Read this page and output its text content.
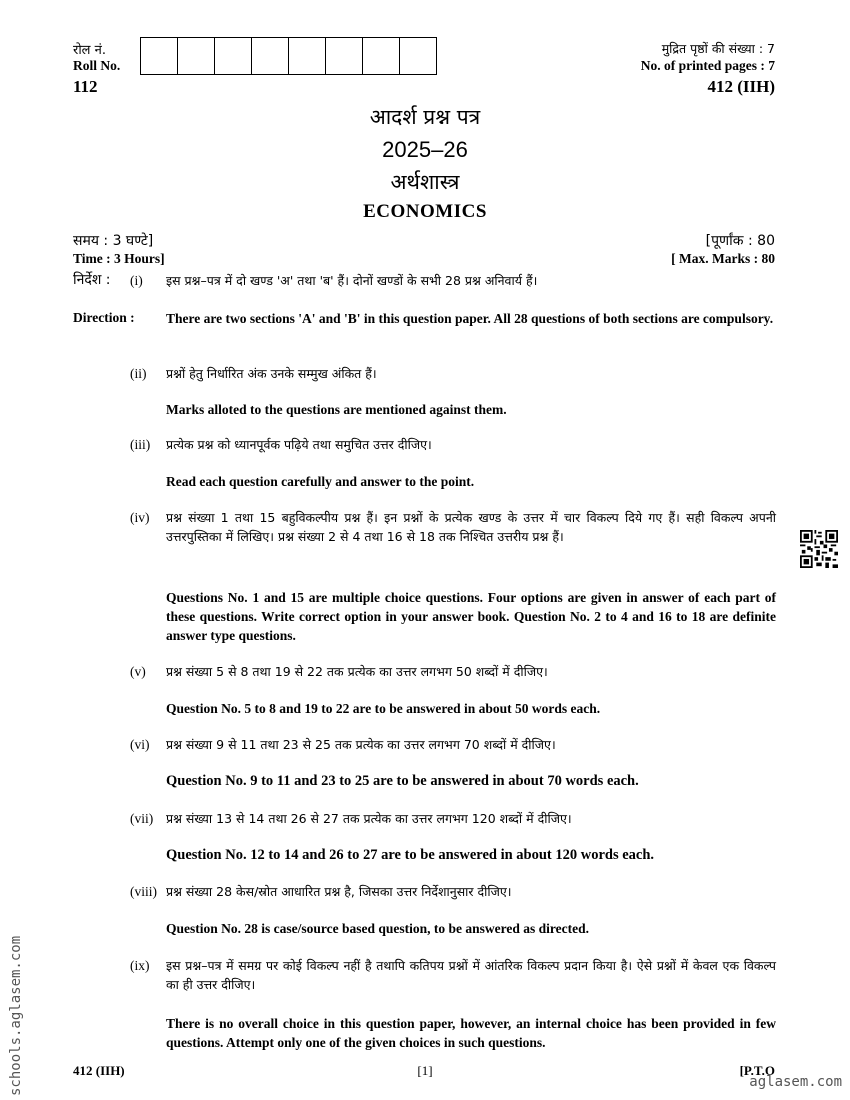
रोल नं.
Roll No.
112
मुद्रित पृष्ठों की संख्या : 7
No. of printed pages : 7
412 (IIH)
आदर्श प्रश्न पत्र
2025–26
अर्थशास्त्र
ECONOMICS
समय : 3 घण्टे]
Time : 3 Hours]
[पूर्णांक : 80
[ Max. Marks : 80
निर्देश :
Direction :
(i) इस प्रश्न–पत्र में दो खण्ड 'अ' तथा 'ब' हैं। दोनों खण्डों के सभी 28 प्रश्न अनिवार्य हैं।
There are two sections 'A' and 'B' in this question paper. All 28 questions of both sections are compulsory.
(ii) प्रश्नों हेतु निर्धारित अंक उनके सम्मुख अंकित हैं।
Marks alloted to the questions are mentioned against them.
(iii) प्रत्येक प्रश्न को ध्यानपूर्वक पढ़िये तथा समुचित उत्तर दीजिए।
Read each question carefully and answer to the point.
(iv) प्रश्न संख्या 1 तथा 15 बहुविकल्पीय प्रश्न हैं। इन प्रश्नों के प्रत्येक खण्ड के उत्तर में चार विकल्प दिये गए हैं। सही विकल्प अपनी उत्तरपुस्तिका में लिखिए। प्रश्न संख्या 2 से 4 तथा 16 से 18 तक निश्चित उत्तरीय प्रश्न हैं।
Questions No. 1 and 15 are multiple choice questions. Four options are given in answer of each part of these questions. Write correct option in your answer book. Question No. 2 to 4 and 16 to 18 are definite answer type questions.
(v) प्रश्न संख्या 5 से 8 तथा 19 से 22 तक प्रत्येक का उत्तर लगभग 50 शब्दों में दीजिए।
Question No. 5 to 8 and 19 to 22 are to be answered in about 50 words each.
(vi) प्रश्न संख्या 9 से 11 तथा 23 से 25 तक प्रत्येक का उत्तर लगभग 70 शब्दों में दीजिए।
Question No. 9 to 11 and 23 to 25 are to be answered in about 70 words each.
(vii) प्रश्न संख्या 13 से 14 तथा 26 से 27 तक प्रत्येक का उत्तर लगभग 120 शब्दों में दीजिए।
Question No. 12 to 14 and 26 to 27 are to be answered in about 120 words each.
(viii) प्रश्न संख्या 28 केस/स्रोत आधारित प्रश्न है, जिसका उत्तर निर्देशानुसार दीजिए।
Question No. 28 is case/source based question, to be answered as directed.
(ix) इस प्रश्न–पत्र में समग्र पर कोई विकल्प नहीं है तथापि कतिपय प्रश्नों में आंतरिक विकल्प प्रदान किया है। ऐसे प्रश्नों में केवल एक विकल्प का ही उत्तर दीजिए।
There is no overall choice in this question paper, however, an internal choice has been provided in few questions. Attempt only one of the given choices in such questions.
412 (IIH)	[1]	[P.T.O
schools.aglasem.com	aglasem.com
